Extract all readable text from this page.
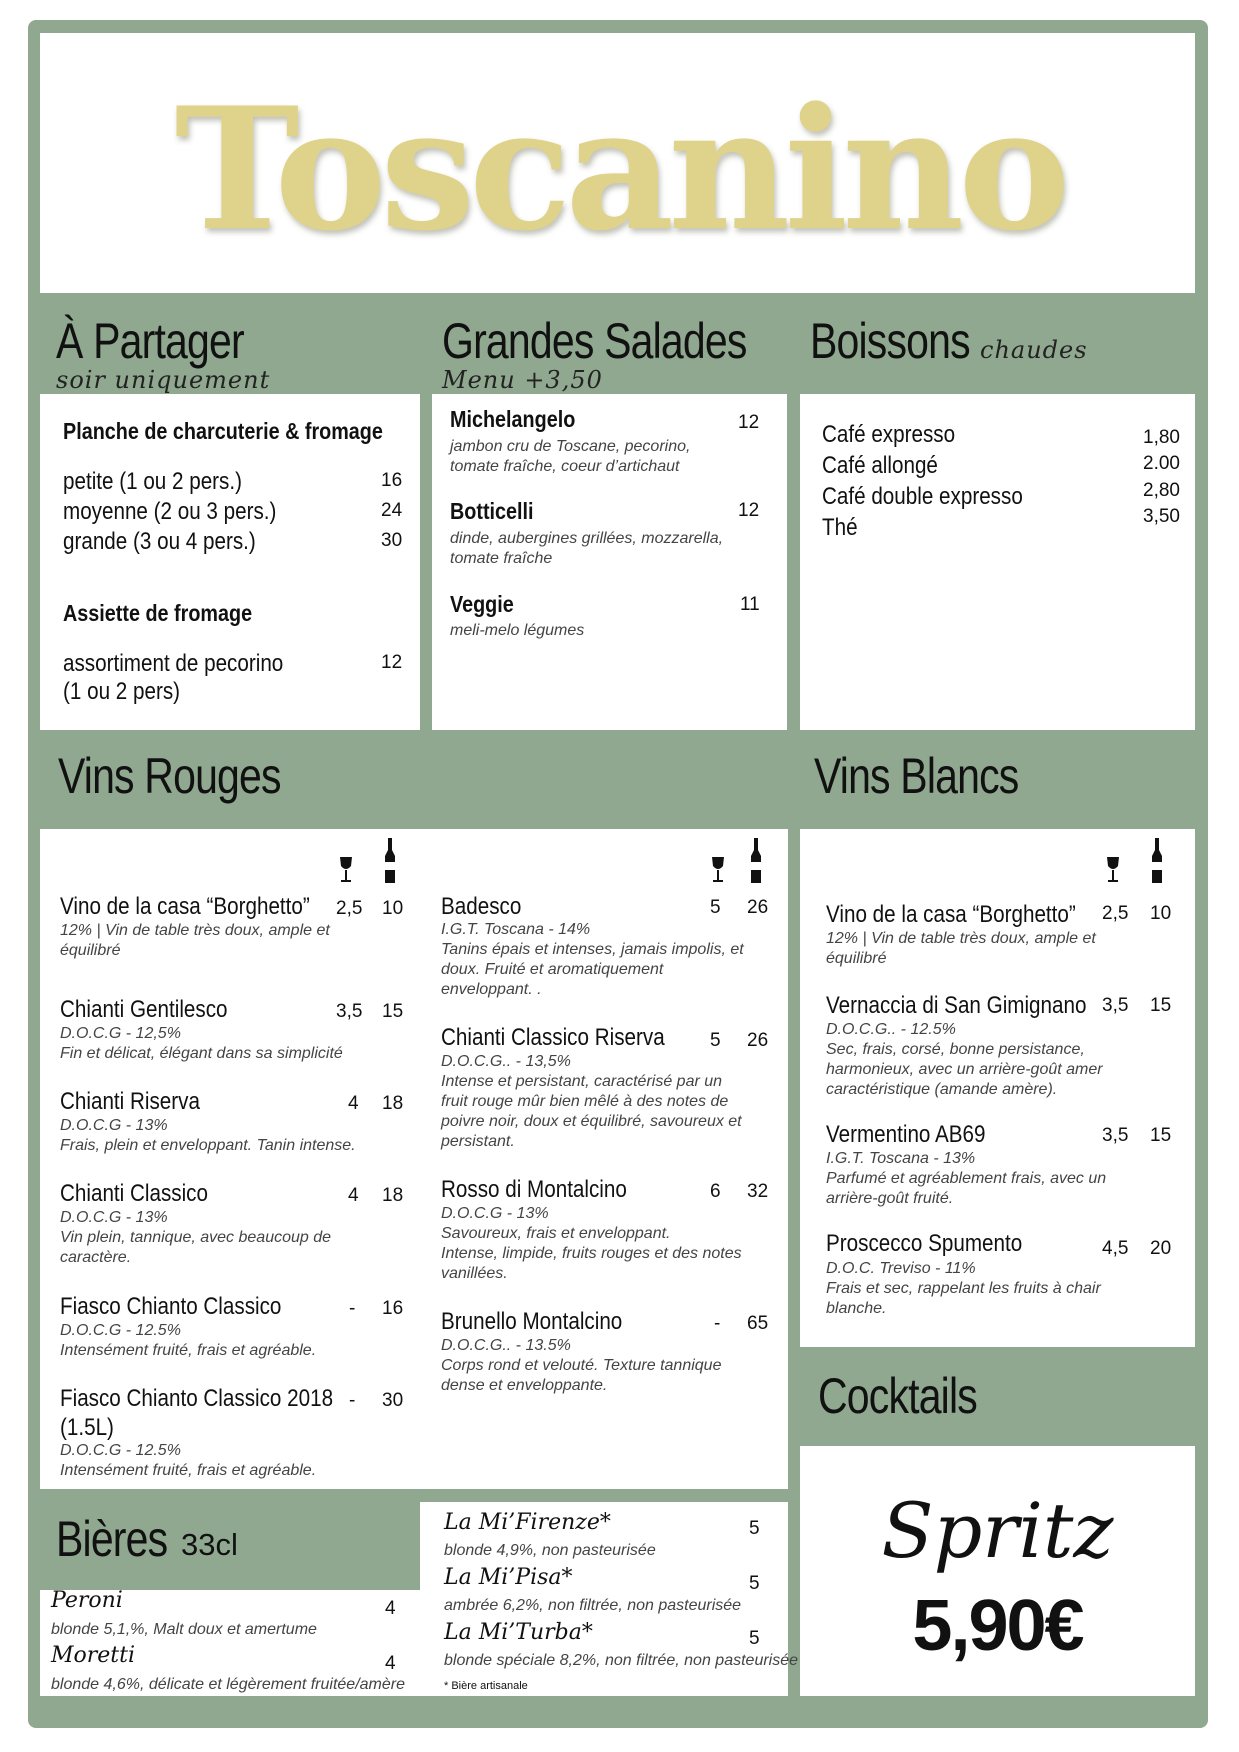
Toscanino
À Partager
soir uniquement
Planche de charcuterie & fromage
petite (1 ou 2 pers.)	16
moyenne (2 ou 3 pers.)	24
grande (3 ou 4 pers.)	30
Assiette de fromage
assortiment de pecorino	12
(1 ou 2 pers)
Grandes Salades
Menu +3,50
Michelangelo	12
jambon cru de Toscane, pecorino,
tomate fraîche, coeur d’artichaut
Botticelli	12
dinde, aubergines grillées, mozzarella,
tomate fraîche
Veggie	11
meli-melo légumes
Boissons chaudes
Café expresso	1,80
Café allongé	2.00
Café double expresso	2,80
Thé	3,50
Vins Rouges
Vino de la casa “Borghetto” 2,5 10
12% | Vin de table très doux, ample et
équilibré
Chianti Gentilesco	3,5 15
D.O.C.G - 12,5%
Fin et délicat, élégant dans sa simplicité
Chianti Riserva	4 18
D.O.C.G - 13%
Frais, plein et enveloppant. Tanin intense.
Chianti Classico	4 18
D.O.C.G - 13%
Vin plein, tannique, avec beaucoup de
caractère.
Fiasco Chianto Classico	- 16
D.O.C.G - 12.5%
Intensément fruité, frais et agréable.
Fiasco Chianto Classico 2018 - 30
(1.5L)
D.O.C.G - 12.5%
Intensément fruité, frais et agréable.
Badesco	5 26
I.G.T. Toscana - 14%
Tanins épais et intenses, jamais impolis, et
doux. Fruité et aromatiquement
enveloppant. .
Chianti Classico Riserva 5 26
D.O.C.G.. - 13,5%
Intense et persistant, caractérisé par un
fruit rouge mûr bien mêlé à des notes de
poivre noir, doux et équilibré, savoureux et
persistant.
Rosso di Montalcino	6 32
D.O.C.G - 13%
Savoureux, frais et enveloppant.
Intense, limpide, fruits rouges et des notes
vanillées.
Brunello Montalcino	- 65
D.O.C.G.. - 13.5%
Corps rond et velouté. Texture tannique
dense et enveloppante.
Vins Blancs
Vino de la casa “Borghetto” 2,5 10
12% | Vin de table très doux, ample et
équilibré
Vernaccia di San Gimignano 3,5 15
D.O.C.G.. - 12.5%
Sec, frais, corsé, bonne persistance,
harmonieux, avec un arrière-goût amer
caractéristique (amande amère).
Vermentino AB69	3,5 15
I.G.T. Toscana - 13%
Parfumé et agréablement frais, avec un
arrière-goût fruité.
Proscecco Spumento	4,5 20
D.O.C. Treviso - 11%
Frais et sec, rappelant les fruits à chair
blanche.
Cocktails
Spritz
5,90€
Bières 33cl
Peroni	4
blonde 5,1,%, Malt doux et amertume
Moretti	4
blonde 4,6%, délicate et légèrement fruitée/amère
La Mi’Firenze*	5
blonde 4,9%, non pasteurisée
La Mi’Pisa*	5
ambrée 6,2%, non filtrée, non pasteurisée
La Mi’Turba*	5
blonde spéciale 8,2%, non filtrée, non pasteurisée
* Bière artisanale
